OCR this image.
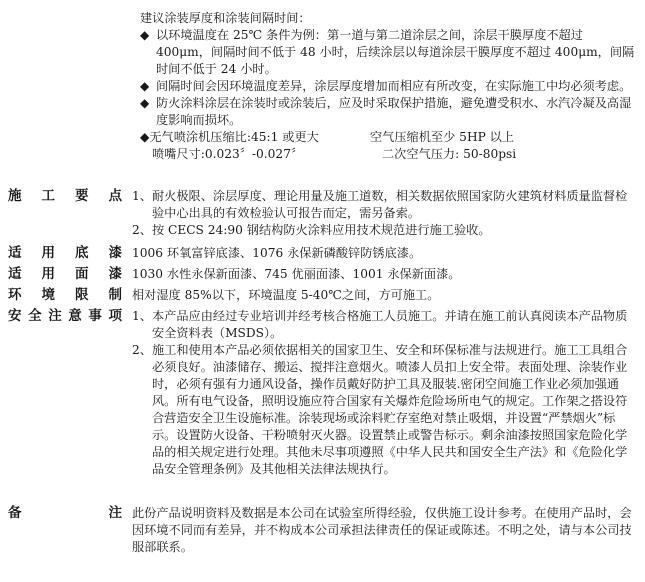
建议涂装厚度和涂装间隔时间：
◆ 以环境温度在 25℃ 条件为例：第一道与第二道涂层之间，涂层干膜厚度不超过 400μm，间隔时间不低于 48 小时，后续涂层以每道涂层干膜厚度不超过 400μm，间隔时间不低于 24 小时。
◆ 间隔时间会因环境温度差异，涂层厚度增加而相应有所改变，在实际施工中均必须考虑。
◆ 防火涂料涂层在涂装时或涂装后，应及时采取保护措施，避免遭受积水、水汽冷凝及高湿度影响而损坏。
◆无气喷涂机压缩比:45:1 或更大	空气压缩机至少 5HP 以上
喷嘴尺寸:0.023〞-0.027〞	二次空气压力: 50-80psi
施 工 要 点 1、 耐火极限、涂层厚度、理论用量及施工道数，相关数据依照国家防火建筑材料质量监督检验中心出具的有效检验认可报告而定，需另备索。
2、 按 CECS 24:90 钢结构防火涂料应用技术规范进行施工验收。
适 用 底 漆 1006 环氧富锌底漆、1076 永保新磷酸锌防锈底漆。
适 用 面 漆 1030 水性永保新面漆、745 优丽面漆、1001 永保新面漆。
环 境 限 制 相对湿度 85%以下，环境温度 5-40℃之间，方可施工。
安 全 注 意 事 项 1、 本产品应由经过专业培训并经考核合格施工人员施工。并请在施工前认真阅读本产品物质安全资料表（MSDS）。
2、 施工和使用本产品必须依据相关的国家卫生、安全和环保标准与法规进行。施工工具组合必须良好。油漆储存、搬运、搅拌注意烟火。喷漆人员扣上安全带。表面处理、涂装作业时，必须有强有力通风设备，操作员戴好防护工具及服装.密闭空间施工作业必须加强通风。所有电气设备，照明设施应符合国家有关爆炸危险场所电气的规定。工作架之搭设符合营造安全卫生设施标准。涂装现场或涂料贮存室绝对禁止吸烟，并设置“严禁烟火”标示。设置防火设备、干粉喷射灭火器。设置禁止或警告标示。剩余油漆按照国家危险化学品的相关规定进行处理。其他未尽事项遵照《中华人民共和国安全生产法》和《危险化学品安全管理条例》及其他相关法律法规执行。
备	注 此份产品说明资料及数据是本公司在试验室所得经验，仅供施工设计参考。在使用产品时，会因环境不同而有差异，并不构成本公司承担法律责任的保证或陈述。不明之处，请与本公司技服部联系。
